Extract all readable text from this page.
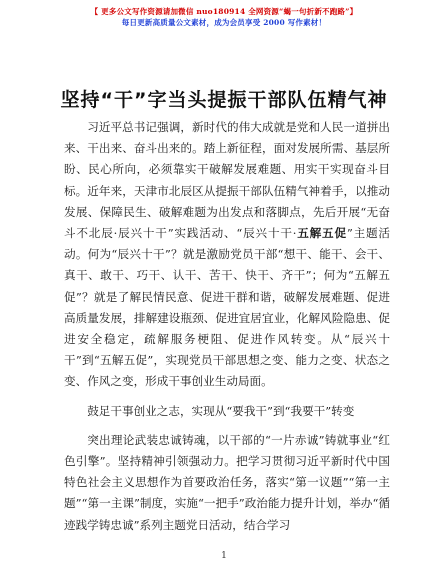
【 更多公文写作资源请加微信 nuo180914 全网资源“蝎一句折新不跑路”】
每日更新高质量公文素材，成为会员享受 2000 写作素材！
坚持“干”字当头提振干部队伍精气神

习近平总书记强调，新时代的伟大成就是党和人民一道拼出来、干出来、奋斗出来的。踏上新征程，面对发展所需、基层所盼、民心所向，必须靠实干破解发展难题、用实干实现奋斗目标。近年来，天津市北辰区从提振干部队伍精气神着手，以推动发展、保障民生、破解难题为出发点和落脚点，先后开展“无奋斗不北辰·辰兴十干”实践活动、“辰兴十干·五解五促”主题活动。何为“辰兴十干”？就是激励党员干部“想干、能干、会干、真干、敢干、巧干、认干、苦干、快干、齐干”；何为“五解五促”？就是了解民情民意、促进干群和谐，破解发展难题、促进高质量发展，排解建设瓶颈、促进宜居宜业，化解风险隐患、促进安全稳定，疏解服务梗阻、促进作风转变。从“辰兴十干”到“五解五促”，实现党员干部思想之变、能力之变、状态之变、作风之变，形成干事创业生动局面。

鼓足干事创业之志，实现从“要我干”到“我要干”转变

突出理论武装忠诚铸魂，以干部的“一片赤诚”铸就事业“红色引擎”。坚持精神引领强动力。把学习贯彻习近平新时代中国特色社会主义思想作为首要政治任务，落实“第一议题”“第一主题”“第一主课”制度，实施“一把手”政治能力提升计划，举办“循迹践学铸忠诚”系列主题党日活动，结合学习

1
